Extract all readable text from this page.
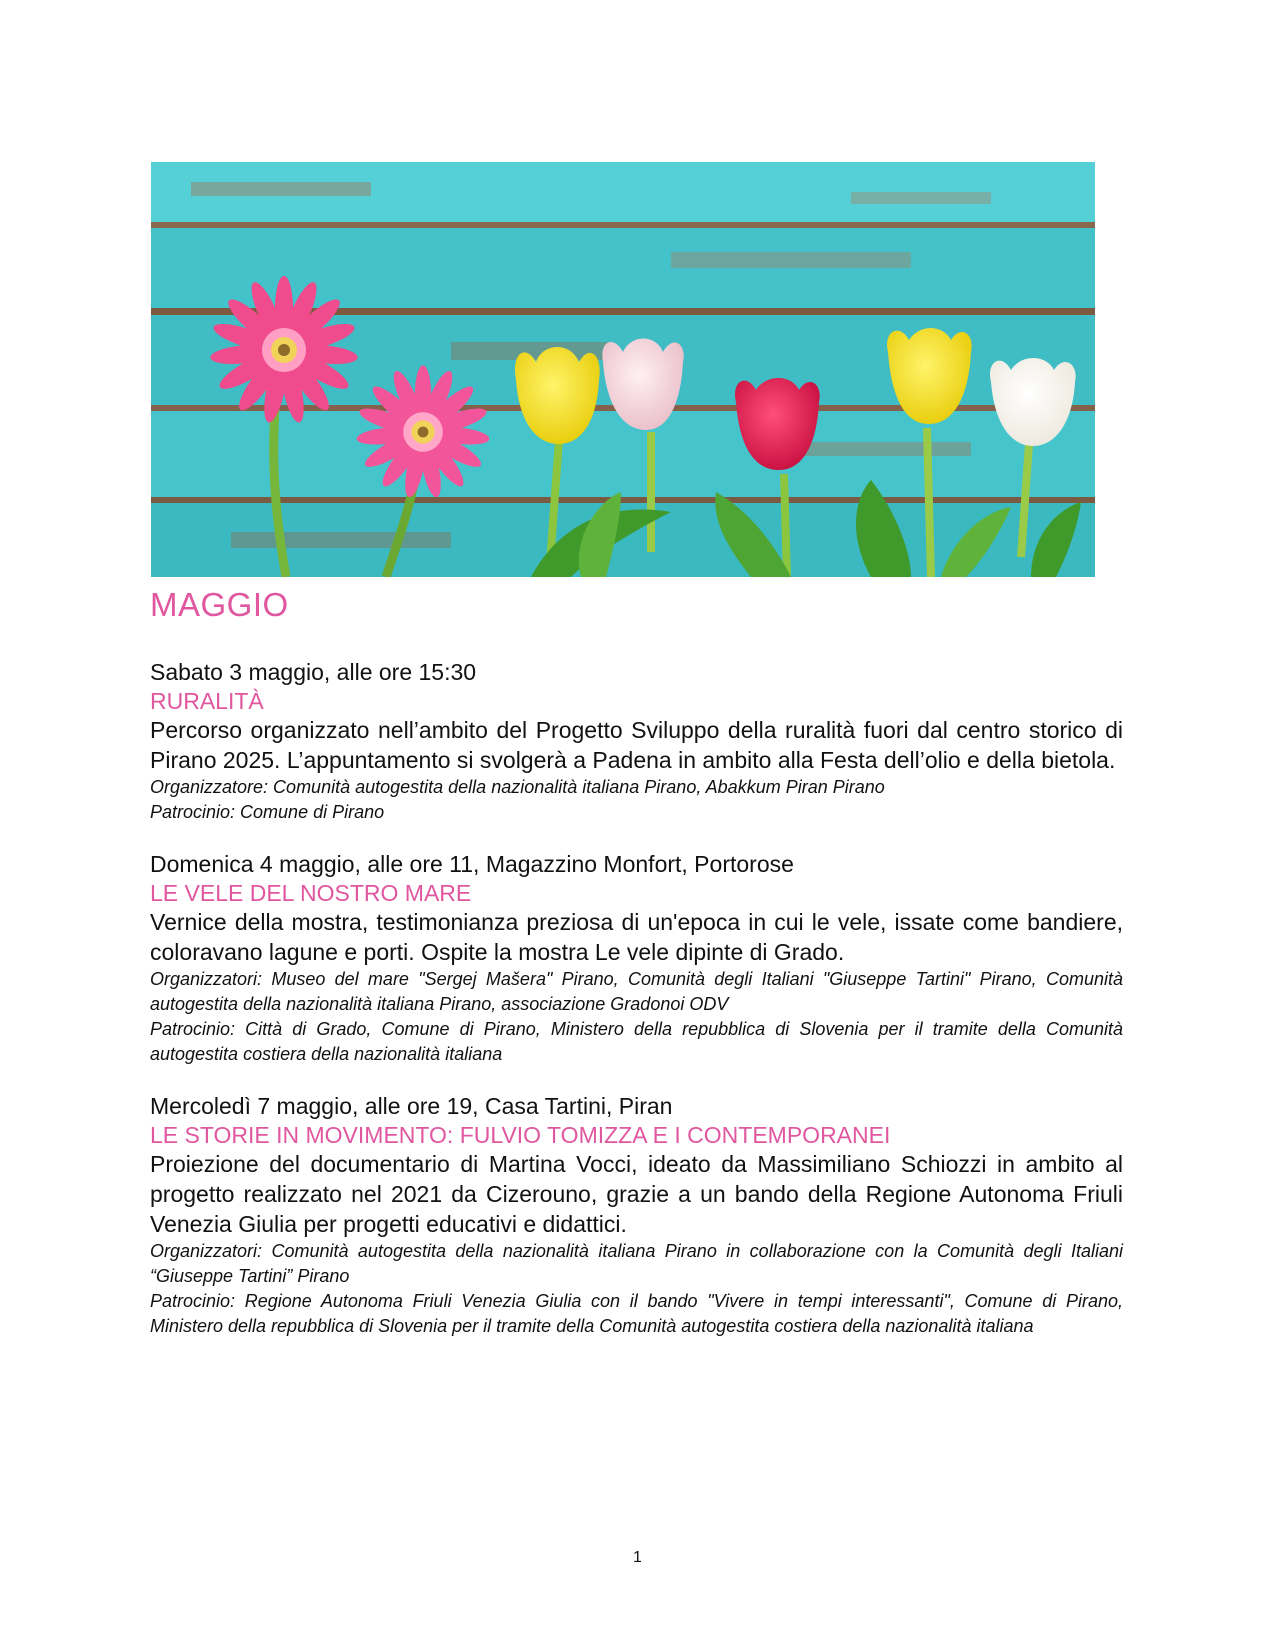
MAGGIO
Sabato 3 maggio, alle ore 15:30
RURALITÀ
Percorso organizzato nell’ambito del Progetto Sviluppo della ruralità fuori dal centro storico di Pirano 2025. L’appuntamento si svolgerà a Padena in ambito alla Festa dell’olio e della bietola.
Organizzatore: Comunità autogestita della nazionalità italiana Pirano, Abakkum Piran Pirano
Patrocinio: Comune di Pirano
Domenica 4 maggio, alle ore 11, Magazzino Monfort, Portorose
LE VELE DEL NOSTRO MARE
Vernice della mostra, testimonianza preziosa di un'epoca in cui le vele, issate come bandiere, coloravano lagune e porti. Ospite la mostra Le vele dipinte di Grado.
Organizzatori: Museo del mare "Sergej Mašera" Pirano, Comunità degli Italiani "Giuseppe Tartini" Pirano, Comunità autogestita della nazionalità italiana Pirano, associazione Gradonoi ODV
Patrocinio: Città di Grado, Comune di Pirano, Ministero della repubblica di Slovenia per il tramite della Comunità autogestita costiera della nazionalità italiana
Mercoledì 7 maggio, alle ore 19, Casa Tartini, Piran
LE STORIE IN MOVIMENTO: FULVIO TOMIZZA E I CONTEMPORANEI
Proiezione del documentario di Martina Vocci, ideato da Massimiliano Schiozzi in ambito al progetto realizzato nel 2021 da Cizerouno, grazie a un bando della Regione Autonoma Friuli Venezia Giulia per progetti educativi e didattici.
Organizzatori: Comunità autogestita della nazionalità italiana Pirano in collaborazione con la Comunità degli Italiani “Giuseppe Tartini” Pirano
Patrocinio: Regione Autonoma Friuli Venezia Giulia con il bando "Vivere in tempi interessanti", Comune di Pirano, Ministero della repubblica di Slovenia per il tramite della Comunità autogestita costiera della nazionalità italiana
1
